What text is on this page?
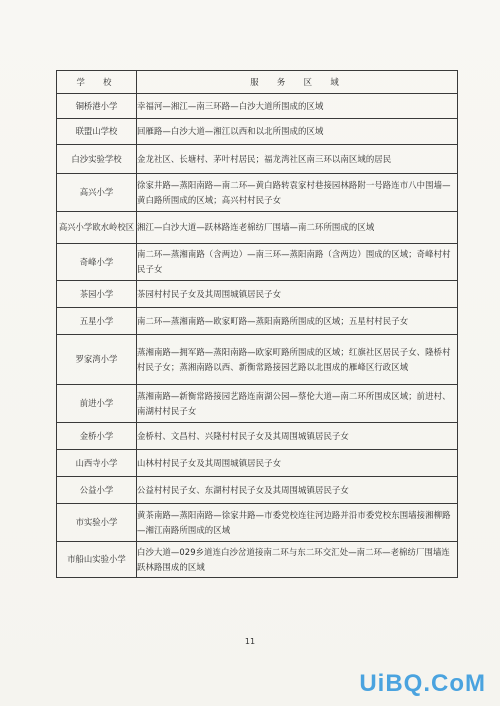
学　校	服　务　区　域
铜桥港小学	幸福河—湘江—南三环路—白沙大道所围成的区域
联盟山学校	回雁路—白沙大道—湘江以西和以北所围成的区域
白沙实验学校	金龙社区、长塘村、茅叶村居民；福龙湾社区南三环以南区域的居民
高兴小学	徐家井路—蒸阳南路—南二环—黄白路转袁家村巷接园林路附一号路连市八中围墙—黄白路所围成的区域；高兴村村民子女
高兴小学欧水岭校区	湘江—白沙大道—跃林路连老棉纺厂围墙—南二环所围成的区域
奇峰小学	南二环—蒸湘南路（含两边）—南三环—蒸阳南路（含两边）围成的区域；奇峰村村民子女
茶园小学	茶园村村民子女及其周围城镇居民子女
五星小学	南二环—蒸湘南路—欧家町路—蒸阳南路所围成的区域；五星村村民子女
罗家湾小学	蒸湘南路—拥军路—蒸阳南路—欧家町路所围成的区域；红旗社区居民子女、隆桥村村民子女；蒸湘南路以西、新衡常路接园艺路以北围成的雁峰区行政区域
前进小学	蒸湘南路—新衡常路接园艺路连南湖公园—蔡伦大道—南二环所围成区域；前进村、南湖村村民子女
金桥小学	金桥村、文昌村、兴隆村村民子女及其周围城镇居民子女
山西寺小学	山林村村民子女及其周围城镇居民子女
公益小学	公益村村民子女、东湖村村民子女及其周围城镇居民子女
市实验小学	黄茶南路—蒸阳南路—徐家井路—市委党校连往河边路并沿市委党校东围墙接湘柳路—湘江南路所围成的区域
市船山实验小学	白沙大道—029乡道连白沙岔道接南二环与东二环交汇处—南二环—老棉纺厂围墙连跃林路围成的区域
11
UiBQ.CoM
